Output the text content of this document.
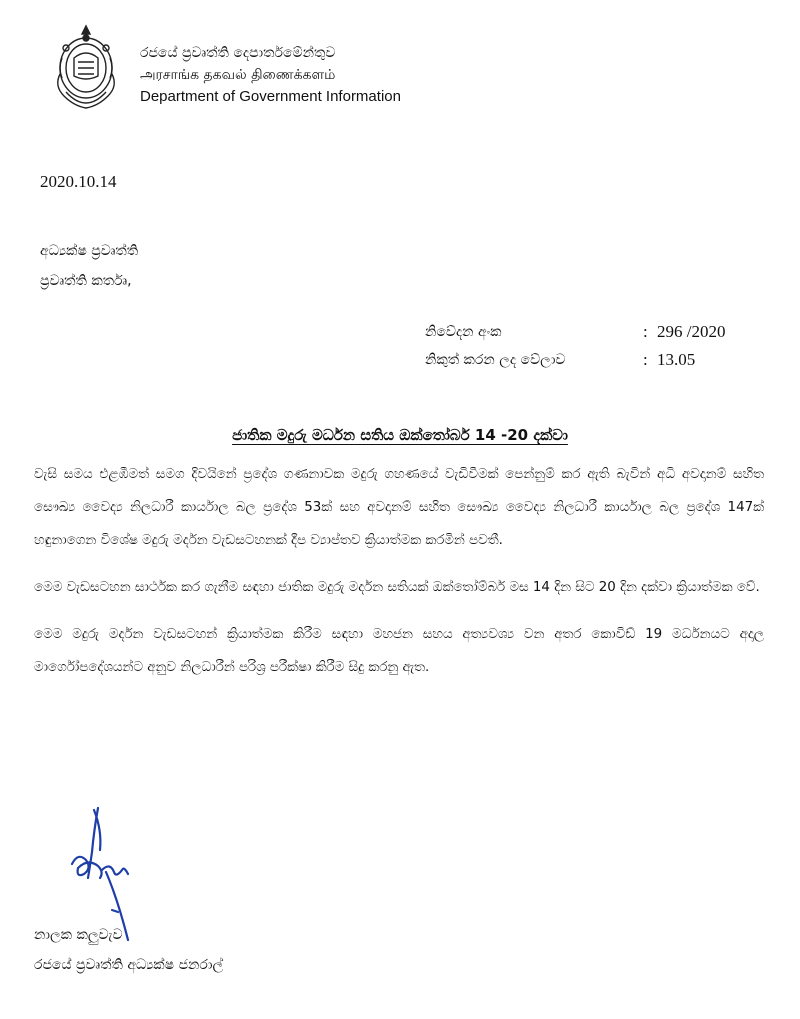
රජයේ ප්‍රවෘත්ති දෙපාර්තමේන්තුව
அரசாங்க தகவல் திணைக்களம்
Department of Government Information
2020.10.14
අධ්‍යක්ෂ ප්‍රවෘත්ති
ප්‍රවෘත්ති කර්තෘ,
නිවේදන අංක	: 296 /2020
නිකුත් කරන ලද වේලාව	: 13.05
ජාතික මදුරු මර්ධන සතිය ඔක්තෝබර් 14 -20 දක්වා

වැසි සමය එළඹීමත් සමග දිවයිනේ ප්‍රදේශ ගණනාවක මදුරු ගහණයේ වැඩිවීමක් පෙන්නුම් කර ඇති බැවින් අධි අවදානම් සහිත සෞඛ්‍ය වෛද්‍ය නිලධාරී කාර්යාල බල ප්‍රදේශ 53ක් සහ අවදානම් සහිත සෞඛ්‍ය වෛද්‍ය නිලධාරී කාර්යාල බල ප්‍රදේශ 147ක් හඳුනාගෙන විශේෂ මදුරු මර්දන වැඩසටහනක් දීප ව්‍යාප්තව ක්‍රියාත්මක කරමින් පවතී.

මෙම වැඩසටහන සාර්ථක කර ගැනීම සඳහා ජාතික මදුරු මර්දන සතියක් ඔක්තෝම්බර් මස 14 දින සිට 20 දින දක්වා ක්‍රියාත්මක වේ.

මෙම මදුරු මර්දන වැඩසටහන් ක්‍රියාත්මක කිරීම සඳහා මහජන සහය අත්‍යවශ්‍ය වන අතර කොවිඩ් 19 මර්ධනයට අදාල මාර්ගෝපදේශයන්ට අනුව නිලධාරීන් පරිශ්‍ර පරීක්ෂා කිරීම සිදු කරනු ඇත.

නාලක කලුවැව
රජයේ ප්‍රවෘත්ති අධ්‍යක්ෂ ජනරාල්
